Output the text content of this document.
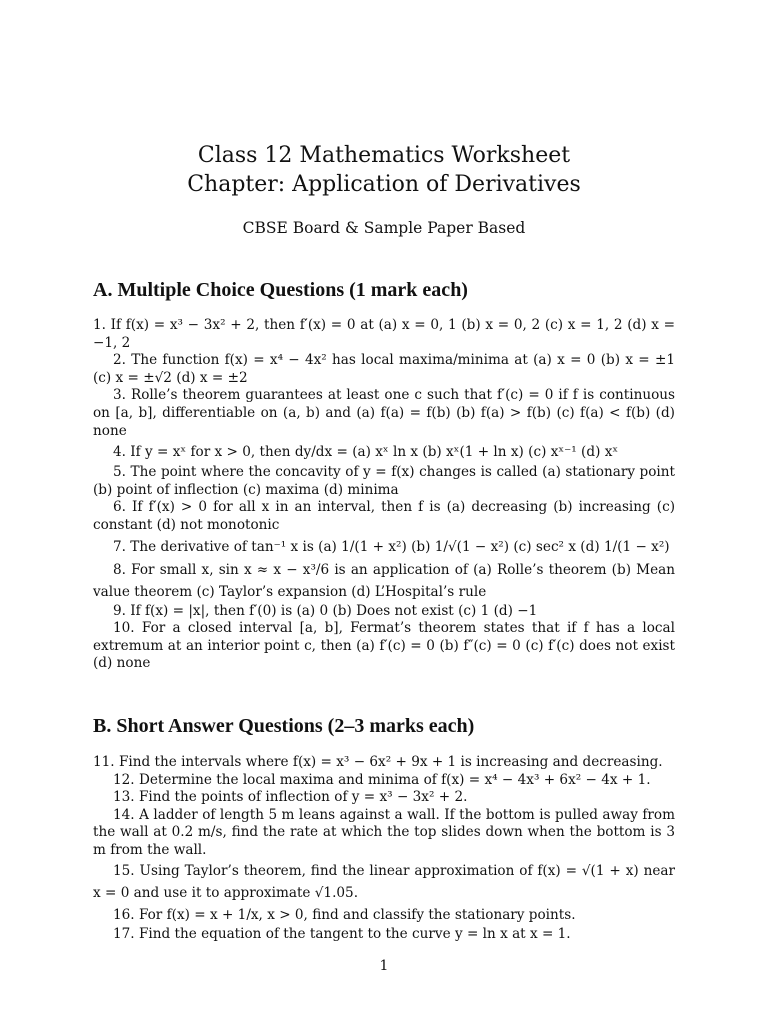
Class 12 Mathematics Worksheet
Chapter: Application of Derivatives
CBSE Board & Sample Paper Based
A. Multiple Choice Questions (1 mark each)

1. If f(x) = x³ − 3x² + 2, then f′(x) = 0 at (a) x = 0, 1 (b) x = 0, 2 (c) x = 1, 2 (d) x = −1, 2

2. The function f(x) = x⁴ − 4x² has local maxima/minima at (a) x = 0 (b) x = ±1 (c) x = ±√2 (d) x = ±2

3. Rolle’s theorem guarantees at least one c such that f′(c) = 0 if f is continuous on [a, b], differentiable on (a, b) and (a) f(a) = f(b) (b) f(a) > f(b) (c) f(a) < f(b) (d) none

4. If y = xˣ for x > 0, then dy/dx = (a) xˣ ln x (b) xˣ(1 + ln x) (c) xˣ⁻¹ (d) xˣ

5. The point where the concavity of y = f(x) changes is called (a) stationary point (b) point of inflection (c) maxima (d) minima

6. If f′(x) > 0 for all x in an interval, then f is (a) decreasing (b) increasing (c) constant (d) not monotonic

7. The derivative of tan⁻¹ x is (a) 1/(1 + x²) (b) 1/√(1 − x²) (c) sec² x (d) 1/(1 − x²)

8. For small x, sin x ≈ x − x³/6 is an application of (a) Rolle’s theorem (b) Mean value theorem (c) Taylor’s expansion (d) L’Hospital’s rule

9. If f(x) = |x|, then f′(0) is (a) 0 (b) Does not exist (c) 1 (d) −1

10. For a closed interval [a, b], Fermat’s theorem states that if f has a local extremum at an interior point c, then (a) f′(c) = 0 (b) f″(c) = 0 (c) f′(c) does not exist (d) none

B. Short Answer Questions (2–3 marks each)

11. Find the intervals where f(x) = x³ − 6x² + 9x + 1 is increasing and decreasing.

12. Determine the local maxima and minima of f(x) = x⁴ − 4x³ + 6x² − 4x + 1.

13. Find the points of inflection of y = x³ − 3x² + 2.

14. A ladder of length 5 m leans against a wall. If the bottom is pulled away from the wall at 0.2 m/s, find the rate at which the top slides down when the bottom is 3 m from the wall.

15. Using Taylor’s theorem, find the linear approximation of f(x) = √(1 + x) near x = 0 and use it to approximate √1.05.

16. For f(x) = x + 1/x, x > 0, find and classify the stationary points.

17. Find the equation of the tangent to the curve y = ln x at x = 1.

1
